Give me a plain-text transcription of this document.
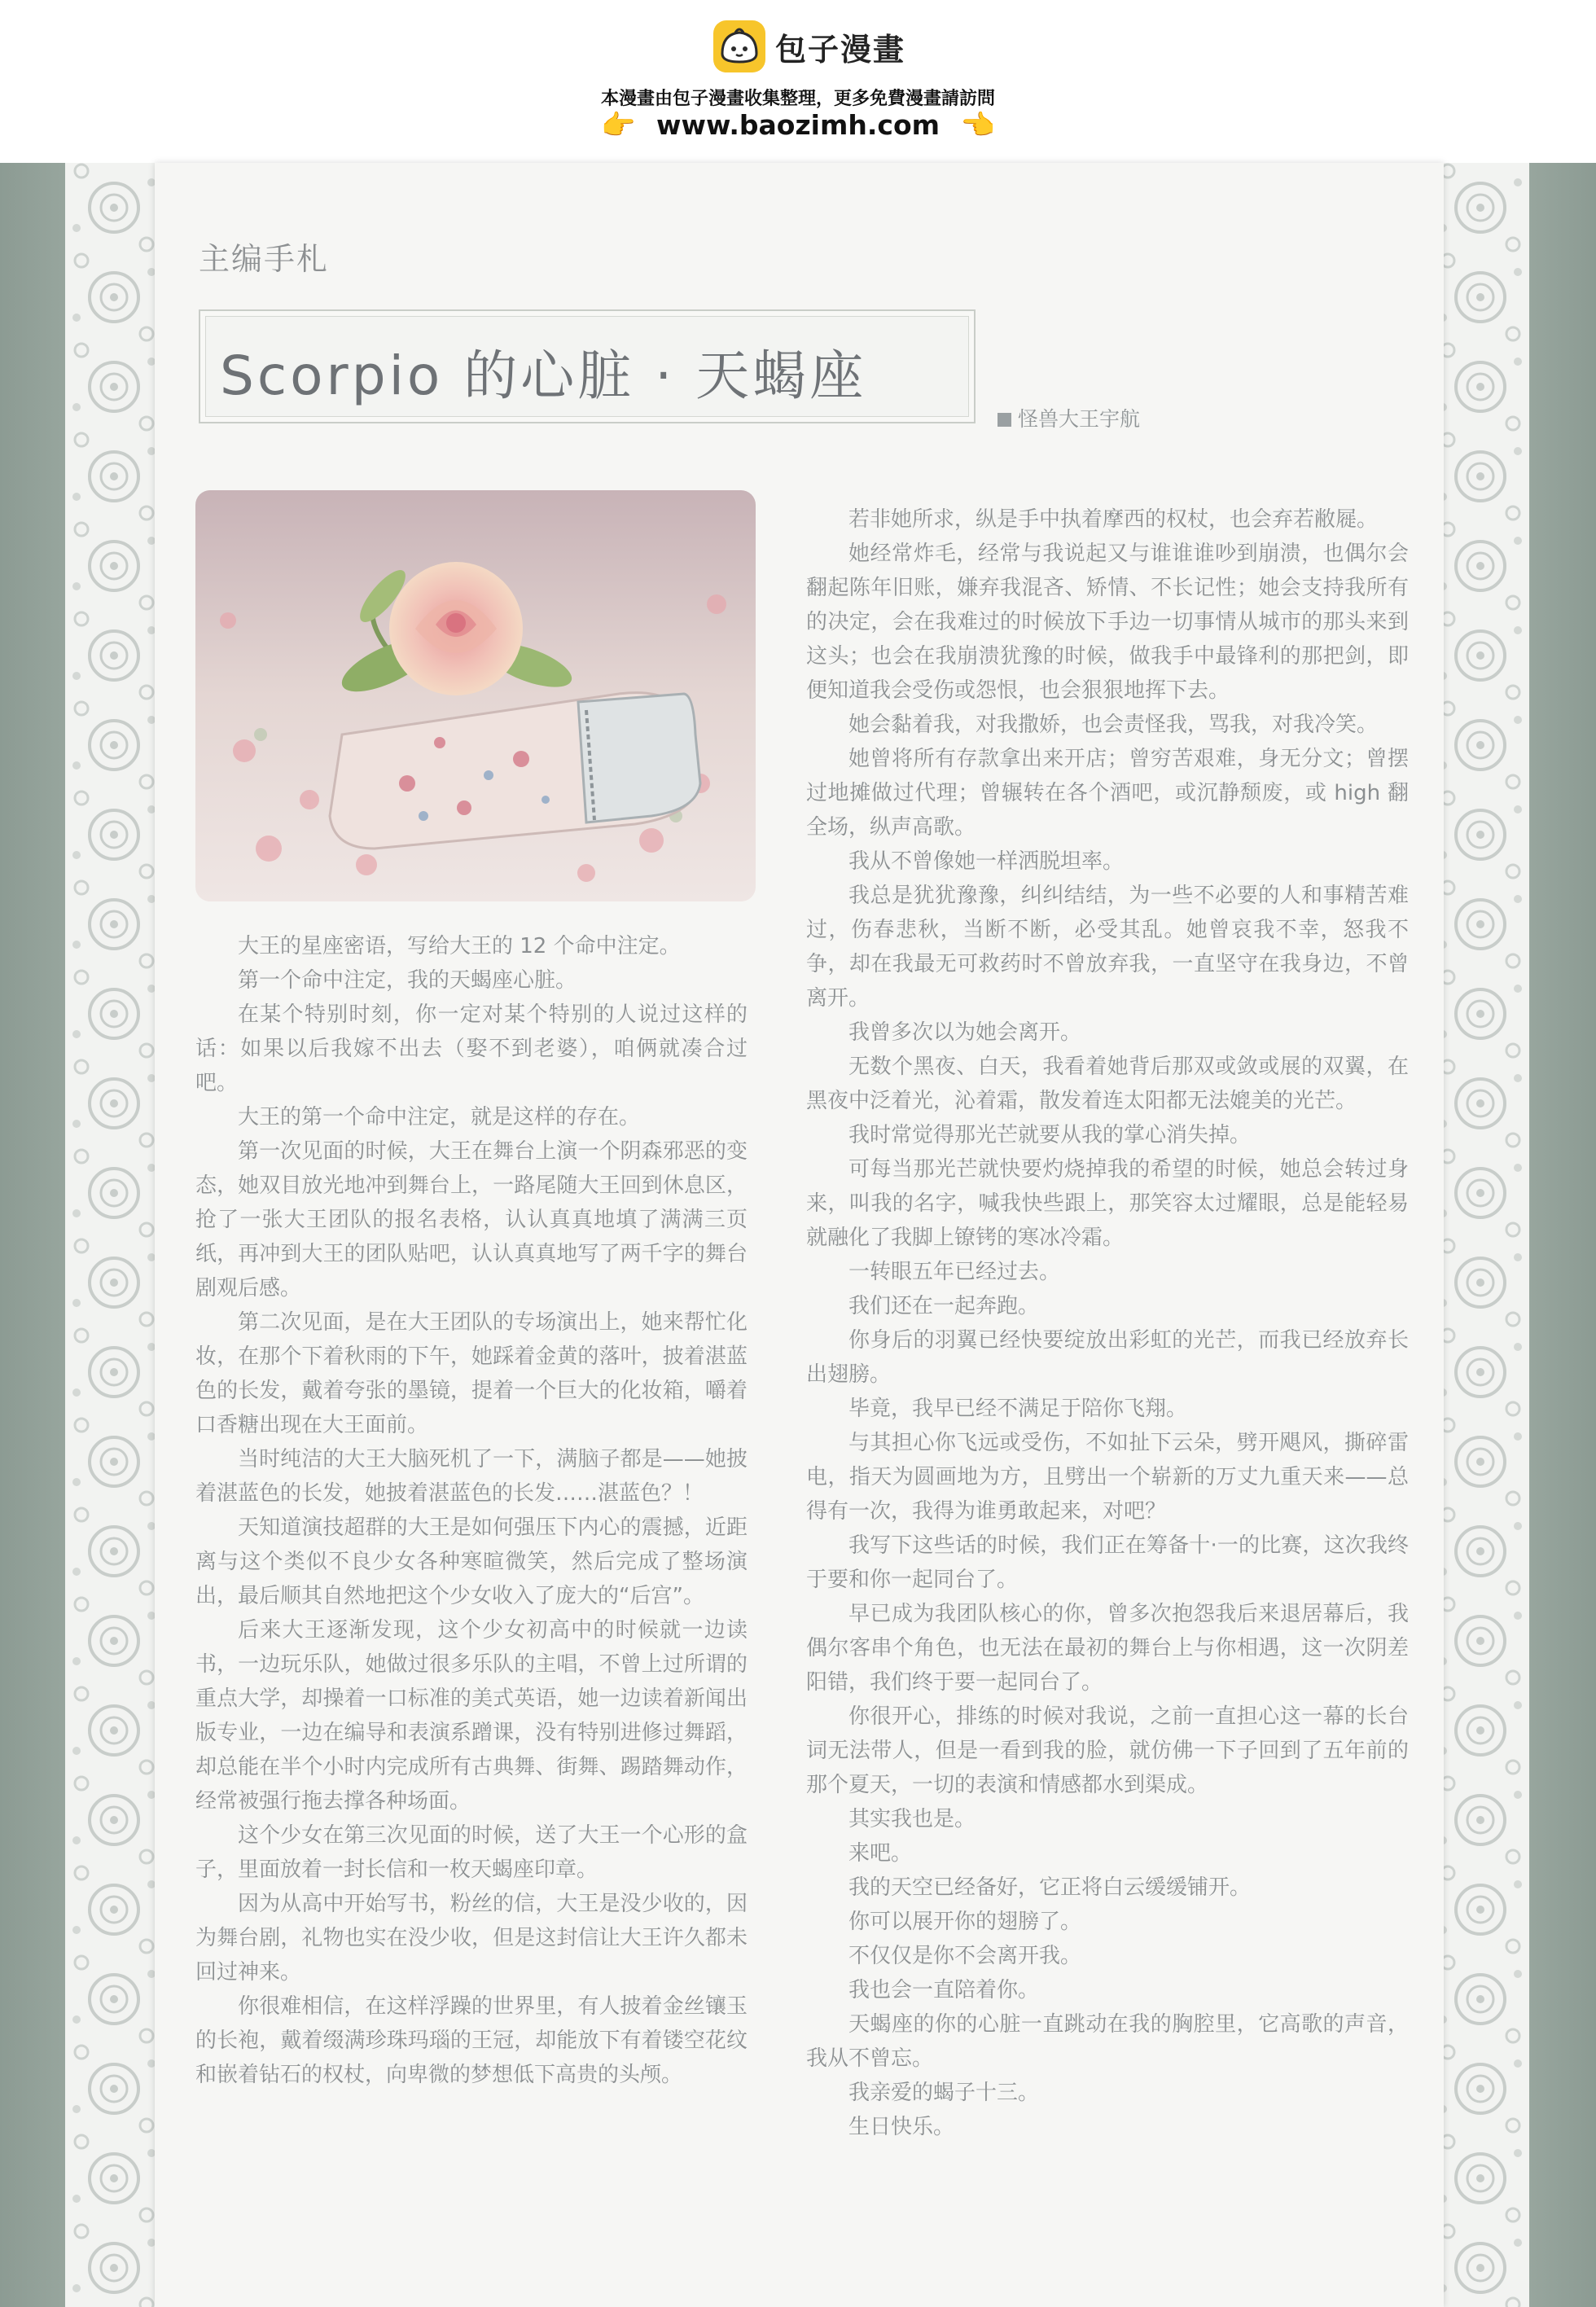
包子漫畫
本漫畫由包子漫畫收集整理，更多免費漫畫請訪問
👉 www.baozimh.com 👈
主编手札
Scorpio 的心脏 · 天蝎座
怪兽大王宇航

大王的星座密语，写给大王的 12 个命中注定。

第一个命中注定，我的天蝎座心脏。

在某个特别时刻，你一定对某个特别的人说过这样的话：如果以后我嫁不出去（娶不到老婆），咱俩就凑合过吧。

大王的第一个命中注定，就是这样的存在。

第一次见面的时候，大王在舞台上演一个阴森邪恶的变态，她双目放光地冲到舞台上，一路尾随大王回到休息区，抢了一张大王团队的报名表格，认认真真地填了满满三页纸，再冲到大王的团队贴吧，认认真真地写了两千字的舞台剧观后感。

第二次见面，是在大王团队的专场演出上，她来帮忙化妆，在那个下着秋雨的下午，她踩着金黄的落叶，披着湛蓝色的长发，戴着夸张的墨镜，提着一个巨大的化妆箱，嚼着口香糖出现在大王面前。

当时纯洁的大王大脑死机了一下，满脑子都是——她披着湛蓝色的长发，她披着湛蓝色的长发……湛蓝色？！

天知道演技超群的大王是如何强压下内心的震撼，近距离与这个类似不良少女各种寒暄微笑，然后完成了整场演出，最后顺其自然地把这个少女收入了庞大的“后宫”。

后来大王逐渐发现，这个少女初高中的时候就一边读书，一边玩乐队，她做过很多乐队的主唱，不曾上过所谓的重点大学，却操着一口标准的美式英语，她一边读着新闻出版专业，一边在编导和表演系蹭课，没有特别进修过舞蹈，却总能在半个小时内完成所有古典舞、街舞、踢踏舞动作，经常被强行拖去撑各种场面。

这个少女在第三次见面的时候，送了大王一个心形的盒子，里面放着一封长信和一枚天蝎座印章。

因为从高中开始写书，粉丝的信，大王是没少收的，因为舞台剧，礼物也实在没少收，但是这封信让大王许久都未回过神来。

你很难相信，在这样浮躁的世界里，有人披着金丝镶玉的长袍，戴着缀满珍珠玛瑙的王冠，却能放下有着镂空花纹和嵌着钻石的权杖，向卑微的梦想低下高贵的头颅。

若非她所求，纵是手中执着摩西的权杖，也会弃若敝屣。

她经常炸毛，经常与我说起又与谁谁谁吵到崩溃，也偶尔会翻起陈年旧账，嫌弃我混吝、矫情、不长记性；她会支持我所有的决定，会在我难过的时候放下手边一切事情从城市的那头来到这头；也会在我崩溃犹豫的时候，做我手中最锋利的那把剑，即便知道我会受伤或怨恨，也会狠狠地挥下去。

她会黏着我，对我撒娇，也会责怪我，骂我，对我冷笑。

她曾将所有存款拿出来开店；曾穷苦艰难，身无分文；曾摆过地摊做过代理；曾辗转在各个酒吧，或沉静颓废，或 high 翻全场，纵声高歌。

我从不曾像她一样洒脱坦率。

我总是犹犹豫豫，纠纠结结，为一些不必要的人和事精苦难过，伤春悲秋，当断不断，必受其乱。她曾哀我不幸，怒我不争，却在我最无可救药时不曾放弃我，一直坚守在我身边，不曾离开。

我曾多次以为她会离开。

无数个黑夜、白天，我看着她背后那双或敛或展的双翼，在黑夜中泛着光，沁着霜，散发着连太阳都无法媲美的光芒。

我时常觉得那光芒就要从我的掌心消失掉。

可每当那光芒就快要灼烧掉我的希望的时候，她总会转过身来，叫我的名字，喊我快些跟上，那笑容太过耀眼，总是能轻易就融化了我脚上镣铐的寒冰冷霜。

一转眼五年已经过去。

我们还在一起奔跑。

你身后的羽翼已经快要绽放出彩虹的光芒，而我已经放弃长出翅膀。

毕竟，我早已经不满足于陪你飞翔。

与其担心你飞远或受伤，不如扯下云朵，劈开飓风，撕碎雷电，指天为圆画地为方，且劈出一个崭新的万丈九重天来——总得有一次，我得为谁勇敢起来，对吧？

我写下这些话的时候，我们正在筹备十·一的比赛，这次我终于要和你一起同台了。

早已成为我团队核心的你，曾多次抱怨我后来退居幕后，我偶尔客串个角色，也无法在最初的舞台上与你相遇，这一次阴差阳错，我们终于要一起同台了。

你很开心，排练的时候对我说，之前一直担心这一幕的长台词无法带人，但是一看到我的脸，就仿佛一下子回到了五年前的那个夏天，一切的表演和情感都水到渠成。

其实我也是。

来吧。

我的天空已经备好，它正将白云缓缓铺开。

你可以展开你的翅膀了。

不仅仅是你不会离开我。

我也会一直陪着你。

天蝎座的你的心脏一直跳动在我的胸腔里，它高歌的声音，我从不曾忘。

我亲爱的蝎子十三。

生日快乐。
